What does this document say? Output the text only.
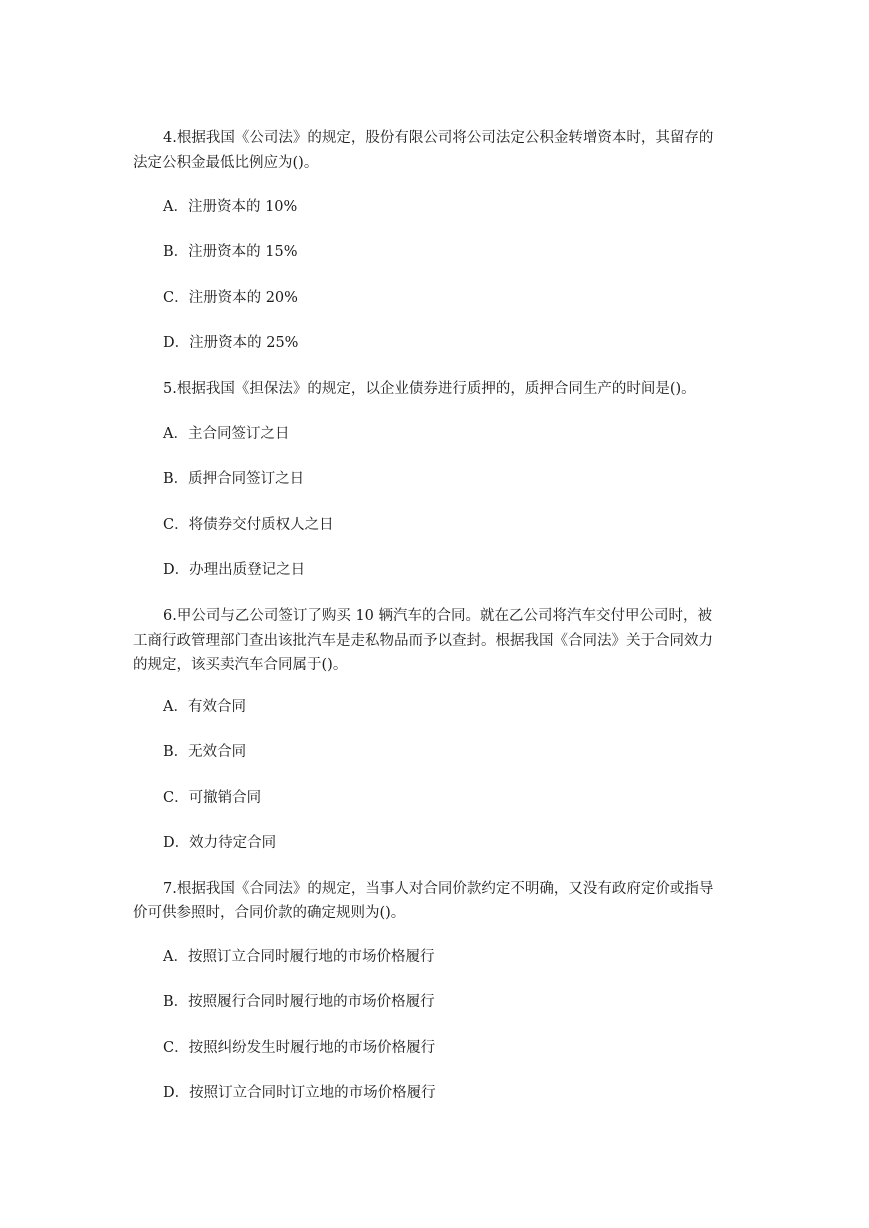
4.根据我国《公司法》的规定，股份有限公司将公司法定公积金转增资本时，其留存的
法定公积金最低比例应为()。
A．注册资本的 10%
B．注册资本的 15%
C．注册资本的 20%
D．注册资本的 25%
5.根据我国《担保法》的规定，以企业债券进行质押的，质押合同生产的时间是()。
A．主合同签订之日
B．质押合同签订之日
C．将债券交付质权人之日
D．办理出质登记之日
6.甲公司与乙公司签订了购买 10 辆汽车的合同。就在乙公司将汽车交付甲公司时，被
工商行政管理部门查出该批汽车是走私物品而予以查封。根据我国《合同法》关于合同效力
的规定，该买卖汽车合同属于()。
A．有效合同
B．无效合同
C．可撤销合同
D．效力待定合同
7.根据我国《合同法》的规定，当事人对合同价款约定不明确，又没有政府定价或指导
价可供参照时，合同价款的确定规则为()。
A．按照订立合同时履行地的市场价格履行
B．按照履行合同时履行地的市场价格履行
C．按照纠纷发生时履行地的市场价格履行
D．按照订立合同时订立地的市场价格履行
